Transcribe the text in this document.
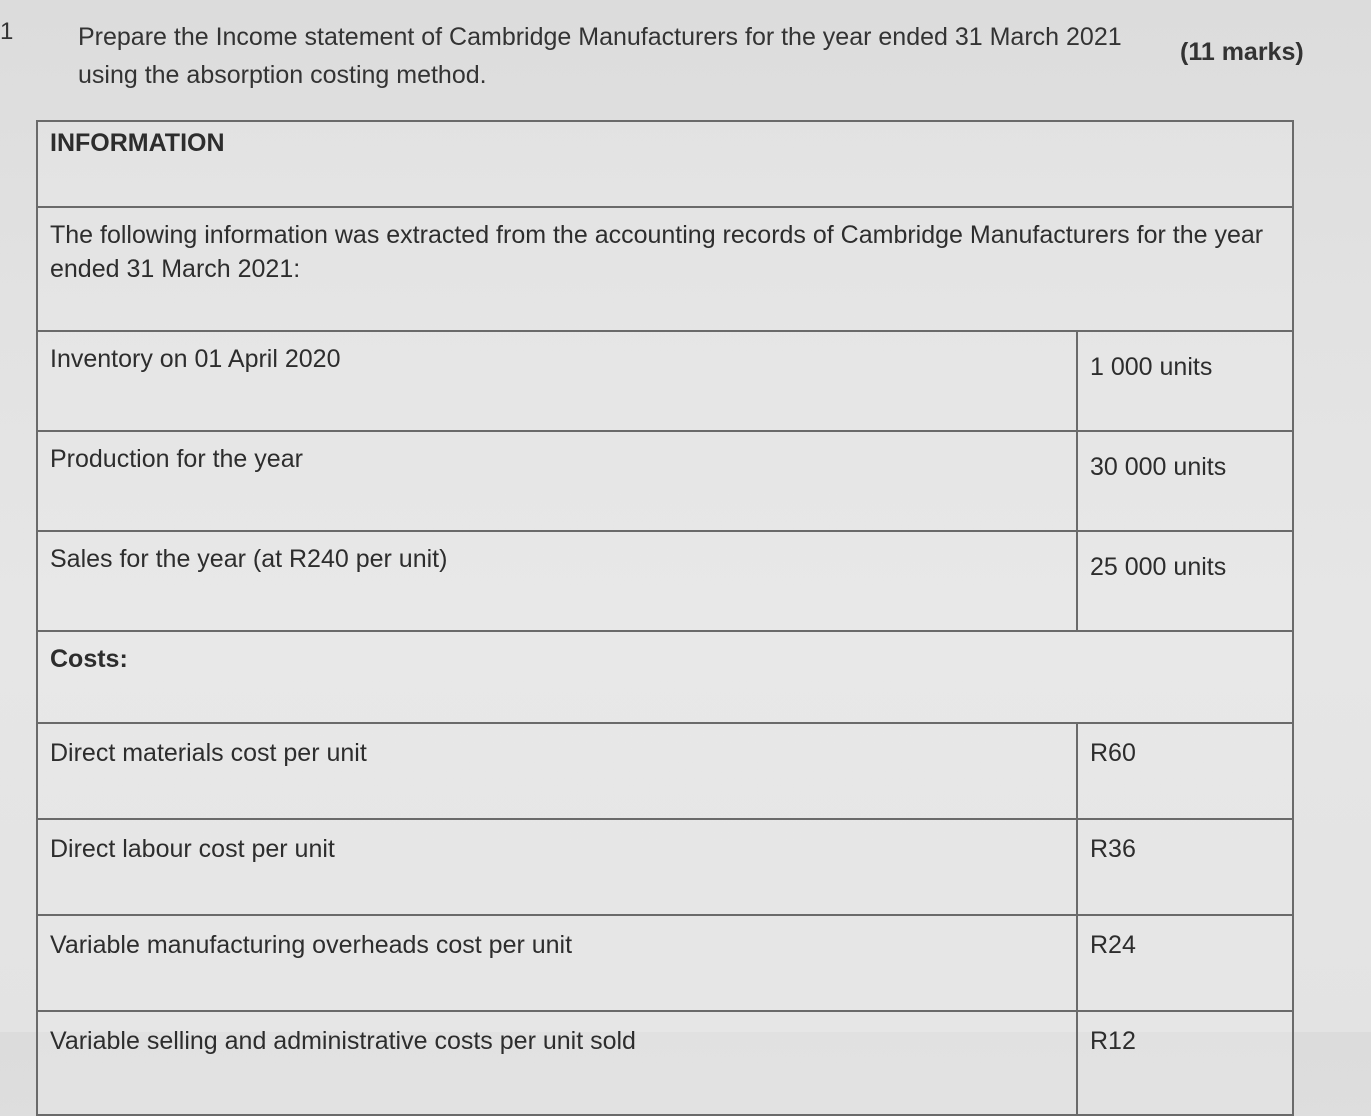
1	Prepare the Income statement of Cambridge Manufacturers for the year ended 31 March 2021 using the absorption costing method.
(11 marks)
INFORMATION	
The following information was extracted from the accounting records of Cambridge Manufacturers for the year ended 31 March 2021:	
Inventory on 01 April 2020	1 000 units
Production for the year	30 000 units
Sales for the year (at R240 per unit)	25 000 units
Costs:	
Direct materials cost per unit	R60
Direct labour cost per unit	R36
Variable manufacturing overheads cost per unit	R24
Variable selling and administrative costs per unit sold	R12
